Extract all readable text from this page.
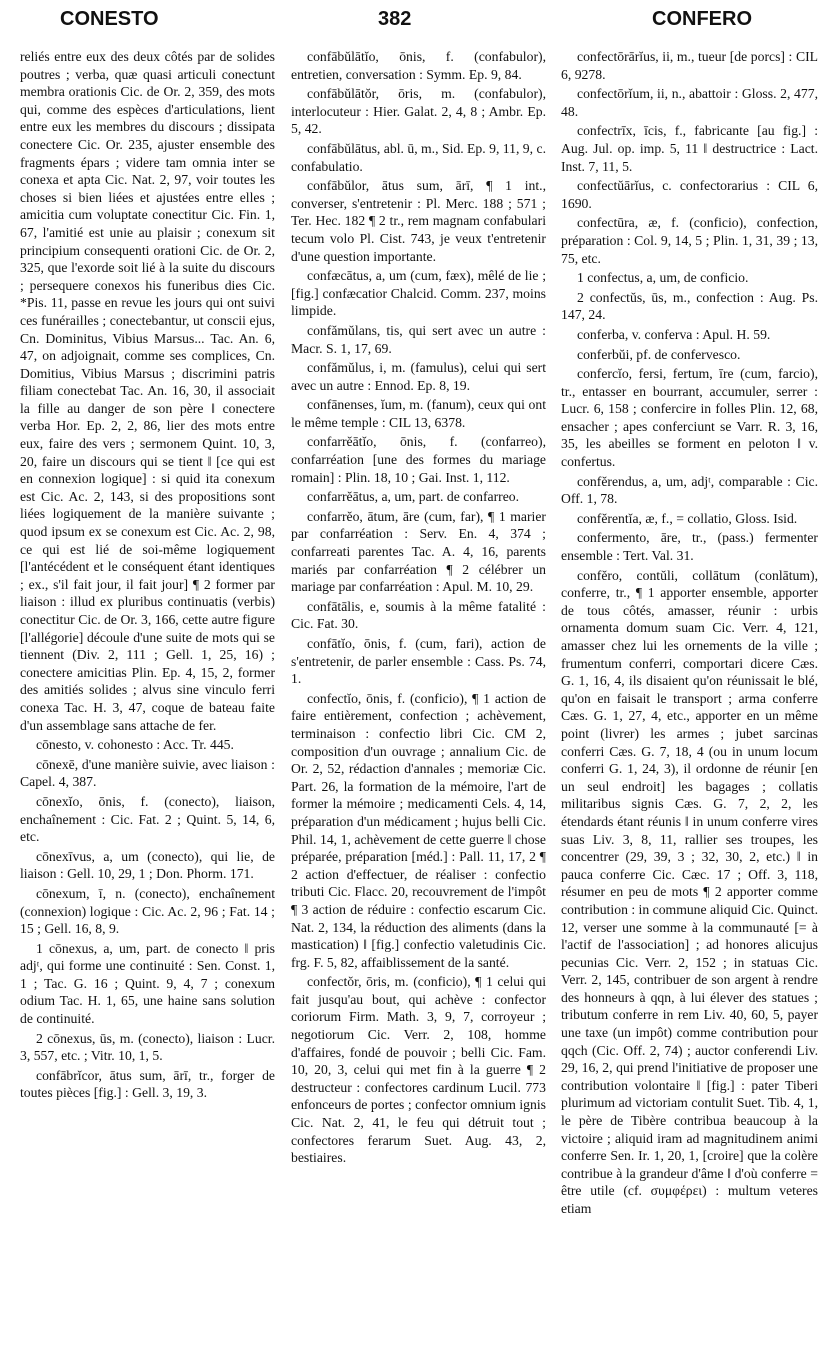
CONESTO	382	CONFERO

reliés entre eux des deux côtés par de solides poutres ; verba, quæ quasi articuli conectunt membra orationis Cic. de Or. 2, 359, des mots qui, comme des espèces d'articulations, lient entre eux les membres du discours ; dissipata conectere Cic. Or. 235, ajuster ensemble des fragments épars ; videre tam omnia inter se conexa et apta Cic. Nat. 2, 97, voir toutes les choses si bien liées et ajustées entre elles ; amicitia cum voluptate conectitur Cic. Fin. 1, 67, l'amitié est unie au plaisir ; conexum sit principium consequenti orationi Cic. de Or. 2, 325, que l'exorde soit lié à la suite du discours ; persequere conexos his funeribus dies Cic. *Pis. 11, passe en revue les jours qui ont suivi ces funérailles ; conectebantur, ut conscii ejus, Cn. Dominitus, Vibius Marsus... Tac. An. 6, 47, on adjoignait, comme ses complices, Cn. Domitius, Vibius Marsus ; discrimini patris filiam conectebat Tac. An. 16, 30, il associait la fille au danger de son père ‖ conectere verba Hor. Ep. 2, 2, 86, lier des mots entre eux, faire des vers ; sermonem Quint. 10, 3, 20, faire un discours qui se tient ‖ [ce qui est en connexion logique] : si quid ita conexum est Cic. Ac. 2, 143, si des propositions sont liées logiquement de la manière suivante ; quod ipsum ex se conexum est Cic. Ac. 2, 98, ce qui est lié de soi-même logiquement [l'antécédent et le conséquent étant identiques ; ex., s'il fait jour, il fait jour] ¶ 2 former par liaison : illud ex pluribus continuatis (verbis) conectitur Cic. de Or. 3, 166, cette autre figure [l'allégorie] découle d'une suite de mots qui se tiennent (Div. 2, 111 ; Gell. 1, 25, 16) ; conectere amicitias Plin. Ep. 4, 15, 2, former des amitiés solides ; alvus sine vinculo ferri conexa Tac. H. 3, 47, coque de bateau faite d'un assemblage sans attache de fer.

cōnesto, v. cohonesto : Acc. Tr. 445.

cōnexē, d'une manière suivie, avec liaison : Capel. 4, 387.

cōnexĭo, ōnis, f. (conecto), liaison, enchaînement : Cic. Fat. 2 ; Quint. 5, 14, 6, etc.

cōnexīvus, a, um (conecto), qui lie, de liaison : Gell. 10, 29, 1 ; Don. Phorm. 171.

cōnexum, ī, n. (conecto), enchaînement (connexion) logique : Cic. Ac. 2, 96 ; Fat. 14 ; 15 ; Gell. 16, 8, 9.

1 cōnexus, a, um, part. de conecto ‖ pris adjᵗ, qui forme une continuité : Sen. Const. 1, 1 ; Tac. G. 16 ; Quint. 9, 4, 7 ; conexum odium Tac. H. 1, 65, une haine sans solution de continuité.

2 cōnexus, ūs, m. (conecto), liaison : Lucr. 3, 557, etc. ; Vitr. 10, 1, 5.

confābrĭcor, ātus sum, ārī, tr., forger de toutes pièces [fig.] : Gell. 3, 19, 3.

confābŭlātĭo, ōnis, f. (confabulor), entretien, conversation : Symm. Ep. 9, 84.

confābŭlātŏr, ōris, m. (confabulor), interlocuteur : Hier. Galat. 2, 4, 8 ; Ambr. Ep. 5, 42.

confābŭlātus, abl. ū, m., Sid. Ep. 9, 11, 9, c. confabulatio.

confābŭlor, ātus sum, ārī, ¶ 1 int., converser, s'entretenir : Pl. Merc. 188 ; 571 ; Ter. Hec. 182 ¶ 2 tr., rem magnam confabulari tecum volo Pl. Cist. 743, je veux t'entretenir d'une question importante.

confæcātus, a, um (cum, fæx), mêlé de lie ; [fig.] confæcatior Chalcid. Comm. 237, moins limpide.

confămŭlans, tis, qui sert avec un autre : Macr. S. 1, 17, 69.

confămŭlus, i, m. (famulus), celui qui sert avec un autre : Ennod. Ep. 8, 19.

confānenses, ĭum, m. (fanum), ceux qui ont le même temple : CIL 13, 6378.

confarrĕātĭo, ōnis, f. (confarreo), confarréation [une des formes du mariage romain] : Plin. 18, 10 ; Gai. Inst. 1, 112.

confarrĕātus, a, um, part. de confarreo.

confarrĕo, ātum, āre (cum, far), ¶ 1 marier par confarréation : Serv. En. 4, 374 ; confarreati parentes Tac. A. 4, 16, parents mariés par confarréation ¶ 2 célébrer un mariage par confarréation : Apul. M. 10, 29.

confātālis, e, soumis à la même fatalité : Cic. Fat. 30.

confātĭo, ōnis, f. (cum, fari), action de s'entretenir, de parler ensemble : Cass. Ps. 74, 1.

confectĭo, ōnis, f. (conficio), ¶ 1 action de faire entièrement, confection ; achèvement, terminaison : confectio libri Cic. CM 2, composition d'un ouvrage ; annalium Cic. de Or. 2, 52, rédaction d'annales ; memoriæ Cic. Part. 26, la formation de la mémoire, l'art de former la mémoire ; medicamenti Cels. 4, 14, préparation d'un médicament ; hujus belli Cic. Phil. 14, 1, achèvement de cette guerre ‖ chose préparée, préparation [méd.] : Pall. 11, 17, 2 ¶ 2 action d'effectuer, de réaliser : confectio tributi Cic. Flacc. 20, recouvrement de l'impôt ¶ 3 action de réduire : confectio escarum Cic. Nat. 2, 134, la réduction des aliments (dans la mastication) ‖ [fig.] confectio valetudinis Cic. frg. F. 5, 82, affaiblissement de la santé.

confectŏr, ōris, m. (conficio), ¶ 1 celui qui fait jusqu'au bout, qui achève : confector coriorum Firm. Math. 3, 9, 7, corroyeur ; negotiorum Cic. Verr. 2, 108, homme d'affaires, fondé de pouvoir ; belli Cic. Fam. 10, 20, 3, celui qui met fin à la guerre ¶ 2 destructeur : confectores cardinum Lucil. 773 enfonceurs de portes ; confector omnium ignis Cic. Nat. 2, 41, le feu qui détruit tout ; confectores ferarum Suet. Aug. 43, 2, bestiaires.

confectōrārĭus, ii, m., tueur [de porcs] : CIL 6, 9278.

confectōrĭum, ii, n., abattoir : Gloss. 2, 477, 48.

confectrīx, īcis, f., fabricante [au fig.] : Aug. Jul. op. imp. 5, 11 ‖ destructrice : Lact. Inst. 7, 11, 5.

confectŭārĭus, c. confectorarius : CIL 6, 1690.

confectūra, æ, f. (conficio), confection, préparation : Col. 9, 14, 5 ; Plin. 1, 31, 39 ; 13, 75, etc.

1 confectus, a, um, de conficio.

2 confectŭs, ūs, m., confection : Aug. Ps. 147, 24.

conferba, v. conferva : Apul. H. 59.

conferbŭi, pf. de confervesco.

confercĭo, fersi, fertum, īre (cum, farcio), tr., entasser en bourrant, accumuler, serrer : Lucr. 6, 158 ; confercire in folles Plin. 12, 68, ensacher ; apes conferciunt se Varr. R. 3, 16, 35, les abeilles se forment en peloton ‖ v. confertus.

confĕrendus, a, um, adjᵗ, comparable : Cic. Off. 1, 78.

confĕrentĭa, æ, f., = collatio, Gloss. Isid.

confermento, āre, tr., (pass.) fermenter ensemble : Tert. Val. 31.

confĕro, contŭli, collātum (conlātum), conferre, tr., ¶ 1 apporter ensemble, apporter de tous côtés, amasser, réunir : urbis ornamenta domum suam Cic. Verr. 4, 121, amasser chez lui les ornements de la ville ; frumentum conferri, comportari dicere Cæs. G. 1, 16, 4, ils disaient qu'on réunissait le blé, qu'on en faisait le transport ; arma conferre Cæs. G. 1, 27, 4, etc., apporter en un même point (livrer) les armes ; jubet sarcinas conferri Cæs. G. 7, 18, 4 (ou in unum locum conferri G. 1, 24, 3), il ordonne de réunir [en un seul endroit] les bagages ; collatis militaribus signis Cæs. G. 7, 2, 2, les étendards étant réunis ‖ in unum conferre vires suas Liv. 3, 8, 11, rallier ses troupes, les concentrer (29, 39, 3 ; 32, 30, 2, etc.) ‖ in pauca conferre Cic. Cæc. 17 ; Off. 3, 118, résumer en peu de mots ¶ 2 apporter comme contribution : in commune aliquid Cic. Quinct. 12, verser une somme à la communauté [= à l'actif de l'association] ; ad honores alicujus pecunias Cic. Verr. 2, 152 ; in statuas Cic. Verr. 2, 145, contribuer de son argent à rendre des honneurs à qqn, à lui élever des statues ; tributum conferre in rem Liv. 40, 60, 5, payer une taxe (un impôt) comme contribution pour qqch (Cic. Off. 2, 74) ; auctor conferendi Liv. 29, 16, 2, qui prend l'initiative de proposer une contribution volontaire ‖ [fig.] : pater Tiberi plurimum ad victoriam contulit Suet. Tib. 4, 1, le père de Tibère contribua beaucoup à la victoire ; aliquid iram ad magnitudinem animi conferre Sen. Ir. 1, 20, 1, [croire] que la colère contribue à la grandeur d'âme ‖ d'où conferre = être utile (cf. συμφέρει) : multum veteres etiam
